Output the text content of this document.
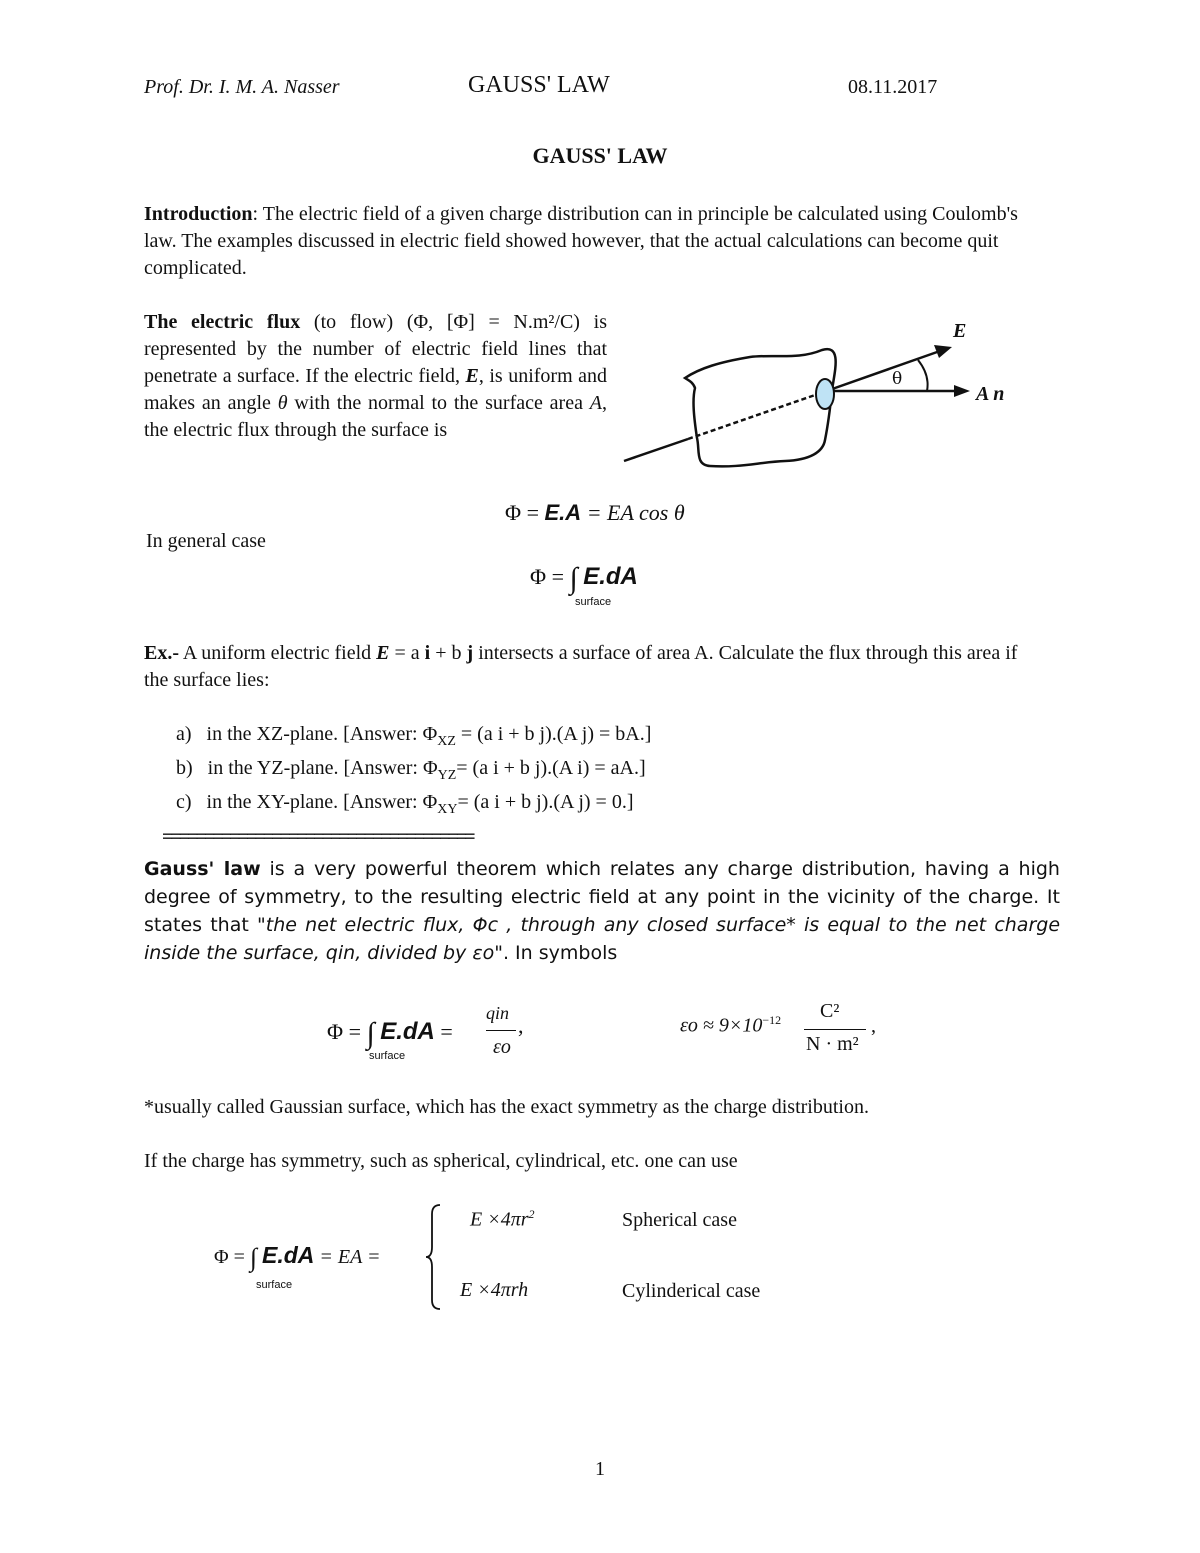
Prof. Dr. I. M. A. Nasser	GAUSS' LAW	08.11.2017
GAUSS' LAW
Introduction: The electric field of a given charge distribution can in principle be calculated using Coulomb's law. The examples discussed in electric field showed however, that the actual calculations can become quit complicated.
The electric flux (to flow) (Φ, [Φ] = N.m²/C) is represented by the number of electric field lines that penetrate a surface. If the electric field, E, is uniform and makes an angle θ with the normal to the surface area A, the electric flux through the surface is
θ
E
A n
Φ = E.A = EA cos θ
In general case
Φ = ∫ E.dA
surface
Ex.- A uniform electric field E = a i + b j intersects a surface of area A. Calculate the flux through this area if the surface lies:
a) in the XZ-plane. [Answer: $\Phi_{XZ} = (a$ i + b j).(A j) = bA.]
b) in the YZ-plane. [Answer: $\Phi_{YZ}= (a$ i + b j).(A i) = aA.]
c) in the XY-plane. [Answer: $\Phi_{XY}= (a$ i + b j).(A j) = 0.]
=====================================
Gauss' law is a very powerful theorem which relates any charge distribution, having a high degree of symmetry, to the resulting electric field at any point in the vicinity of the charge. It states that "the net electric flux, Φc , through any closed surface* is equal to the net charge inside the surface, qin, divided by εo". In symbols
Φ = ∫ E.dA =
qin
εo
,
surface
$\varepsilon o \approx 9\times 10^{-12}$ C²
N · m²
,
*usually called Gaussian surface, which has the exact symmetry as the charge distribution.
If the charge has symmetry, such as spherical, cylindrical, etc. one can use
Φ = ∫ E.dA = EA =
surface
$E \times 4\pi r^2$	Spherical case
E ×4πrh	Cylinderical case
1
